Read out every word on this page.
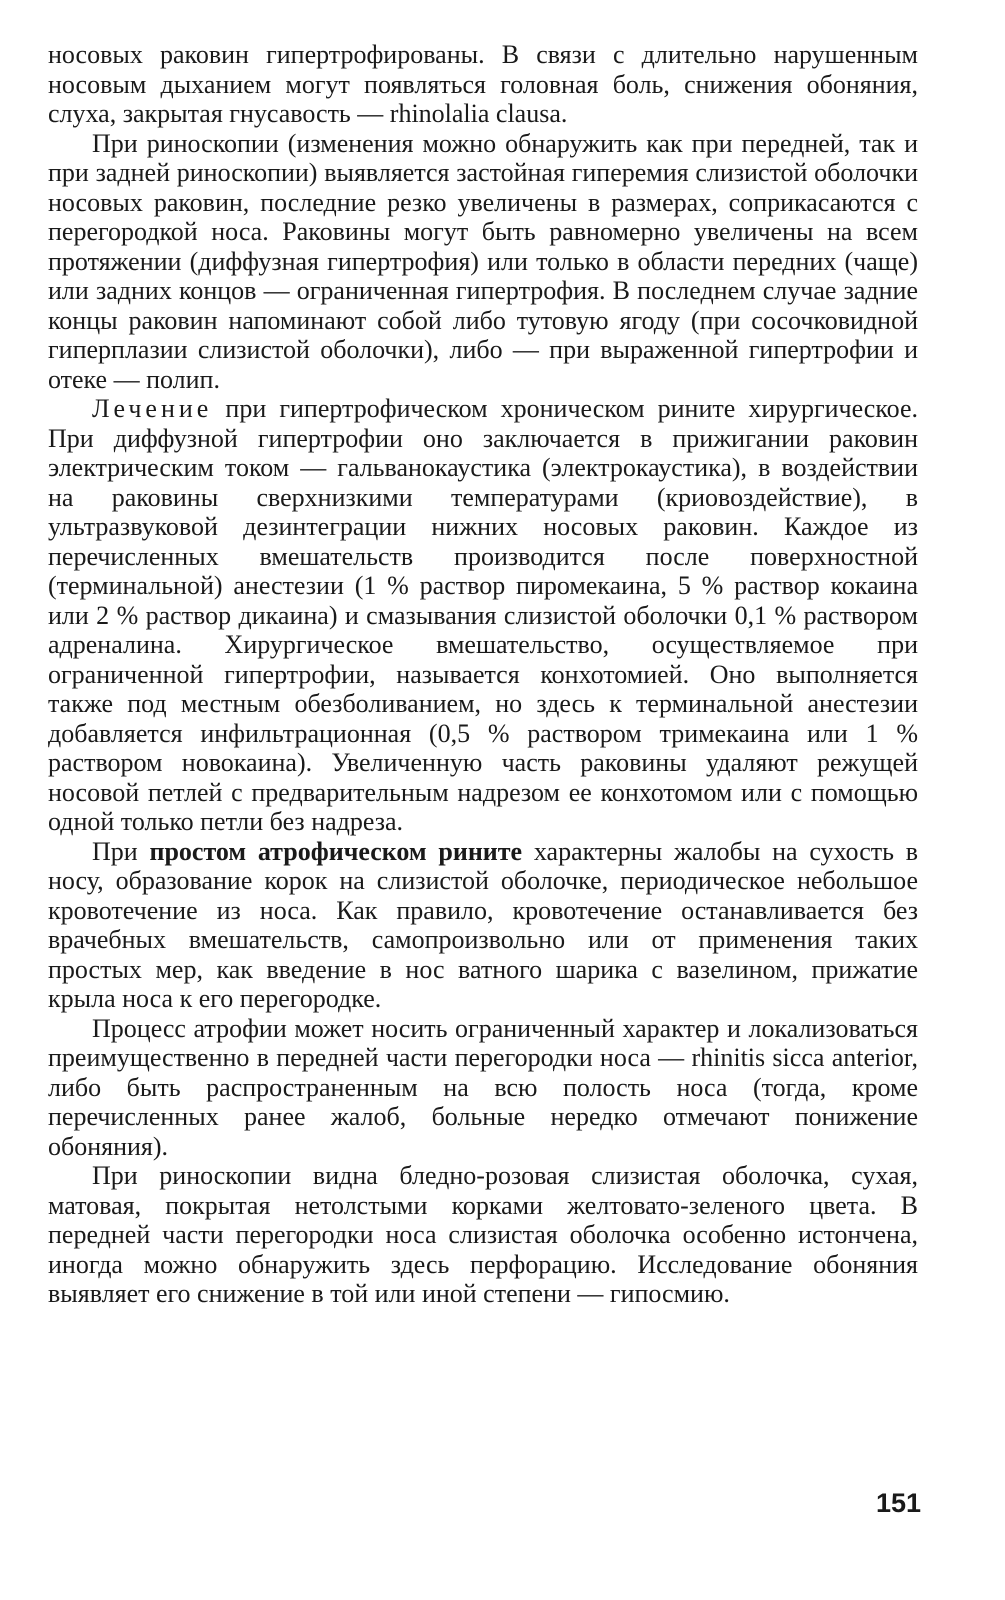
носовых раковин гипертрофированы. В связи с длительно нарушенным носовым дыханием могут появляться головная боль, снижения обоняния, слуха, закрытая гнусавость — rhinolalia clausa.

При риноскопии (изменения можно обнаружить как при передней, так и при задней риноскопии) выявляется застойная гиперемия слизистой оболочки носовых раковин, последние резко увеличены в размерах, соприкасаются с перегородкой носа. Раковины могут быть равномерно увеличены на всем протяжении (диффузная гипертрофия) или только в области передних (чаще) или задних концов — ограниченная гипертрофия. В последнем случае задние концы раковин напоминают собой либо тутовую ягоду (при сосочковидной гиперплазии слизистой оболочки), либо — при выраженной гипертрофии и отеке — полип.

Лечение при гипертрофическом хроническом рините хирургическое. При диффузной гипертрофии оно заключается в прижигании раковин электрическим током — гальванокаустика (электрокаустика), в воздействии на раковины сверхнизкими температурами (криовоздействие), в ультразвуковой дезинтеграции нижних носовых раковин. Каждое из перечисленных вмешательств производится после поверхностной (терминальной) анестезии (1 % раствор пиромекаина, 5 % раствор кокаина или 2 % раствор дикаина) и смазывания слизистой оболочки 0,1 % раствором адреналина. Хирургическое вмешательство, осуществляемое при ограниченной гипертрофии, называется конхотомией. Оно выполняется также под местным обезболиванием, но здесь к терминальной анестезии добавляется инфильтрационная (0,5 % раствором тримекаина или 1 % раствором новокаина). Увеличенную часть раковины удаляют режущей носовой петлей с предварительным надрезом ее конхотомом или с помощью одной только петли без надреза.

При простом атрофическом рините характерны жалобы на сухость в носу, образование корок на слизистой оболочке, периодическое небольшое кровотечение из носа. Как правило, кровотечение останавливается без врачебных вмешательств, самопроизвольно или от применения таких простых мер, как введение в нос ватного шарика с вазелином, прижатие крыла носа к его перегородке.

Процесс атрофии может носить ограниченный характер и локализоваться преимущественно в передней части перегородки носа — rhinitis sicca anterior, либо быть распространенным на всю полость носа (тогда, кроме перечисленных ранее жалоб, больные нередко отмечают понижение обоняния).

При риноскопии видна бледно-розовая слизистая оболочка, сухая, матовая, покрытая нетолстыми корками желтовато-зеленого цвета. В передней части перегородки носа слизистая оболочка особенно истончена, иногда можно обнаружить здесь перфорацию. Исследование обоняния выявляет его снижение в той или иной степени — гипосмию.

151
